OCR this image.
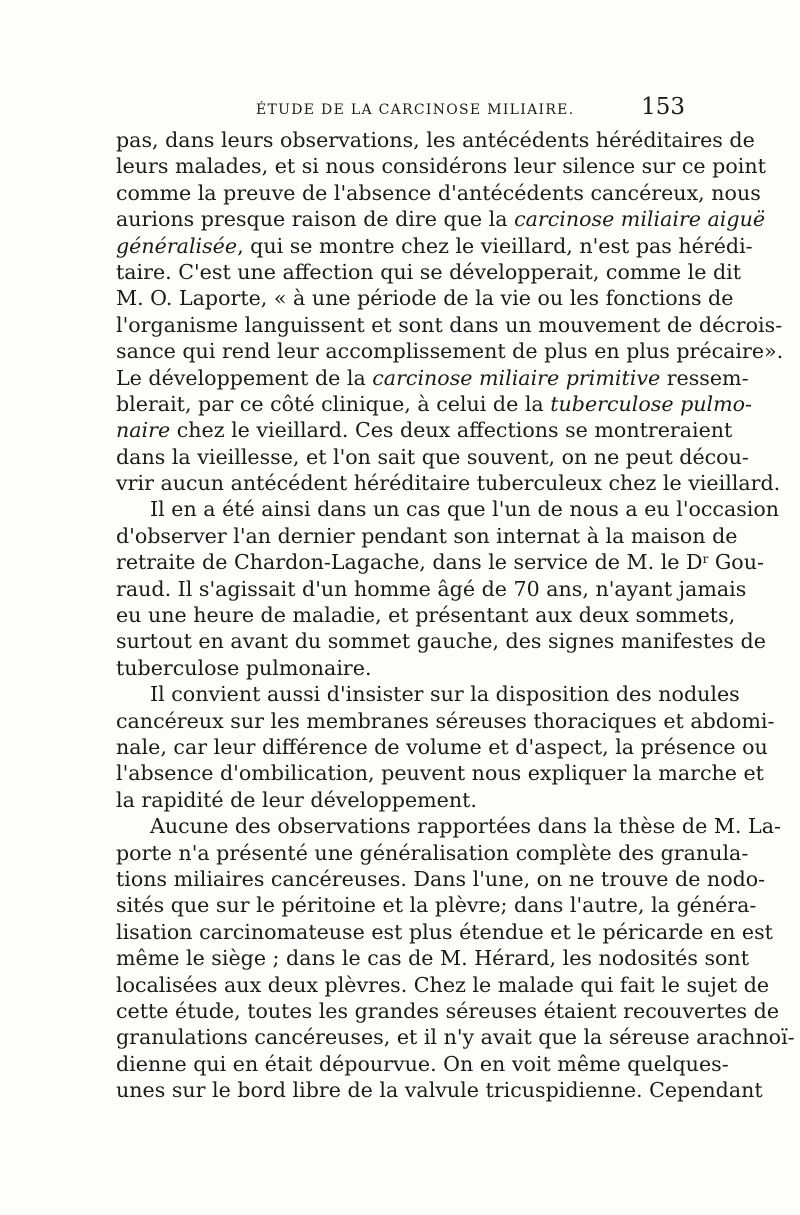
ÉTUDE DE LA CARCINOSE MILIAIRE.	153
pas, dans leurs observations, les antécédents héréditaires de
leurs malades, et si nous considérons leur silence sur ce point
comme la preuve de l'absence d'antécédents cancéreux, nous
aurions presque raison de dire que la carcinose miliaire aiguë
généralisée, qui se montre chez le vieillard, n'est pas hérédi-
taire. C'est une affection qui se développerait, comme le dit
M. O. Laporte, « à une période de la vie ou les fonctions de
l'organisme languissent et sont dans un mouvement de décrois-
sance qui rend leur accomplissement de plus en plus précaire».
Le développement de la carcinose miliaire primitive ressem-
blerait, par ce côté clinique, à celui de la tuberculose pulmo-
naire chez le vieillard. Ces deux affections se montreraient
dans la vieillesse, et l'on sait que souvent, on ne peut décou-
vrir aucun antécédent héréditaire tuberculeux chez le vieillard.
Il en a été ainsi dans un cas que l'un de nous a eu l'occasion
d'observer l'an dernier pendant son internat à la maison de
retraite de Chardon-Lagache, dans le service de M. le $D^r$ Gou-
raud. Il s'agissait d'un homme âgé de 70 ans, n'ayant jamais
eu une heure de maladie, et présentant aux deux sommets,
surtout en avant du sommet gauche, des signes manifestes de
tuberculose pulmonaire.
Il convient aussi d'insister sur la disposition des nodules
cancéreux sur les membranes séreuses thoraciques et abdomi-
nale, car leur différence de volume et d'aspect, la présence ou
l'absence d'ombilication, peuvent nous expliquer la marche et
la rapidité de leur développement.
Aucune des observations rapportées dans la thèse de M. La-
porte n'a présenté une généralisation complète des granula-
tions miliaires cancéreuses. Dans l'une, on ne trouve de nodo-
sités que sur le péritoine et la plèvre; dans l'autre, la généra-
lisation carcinomateuse est plus étendue et le péricarde en est
même le siège ; dans le cas de M. Hérard, les nodosités sont
localisées aux deux plèvres. Chez le malade qui fait le sujet de
cette étude, toutes les grandes séreuses étaient recouvertes de
granulations cancéreuses, et il n'y avait que la séreuse arachnoï-
dienne qui en était dépourvue. On en voit même quelques-
unes sur le bord libre de la valvule tricuspidienne. Cependant
